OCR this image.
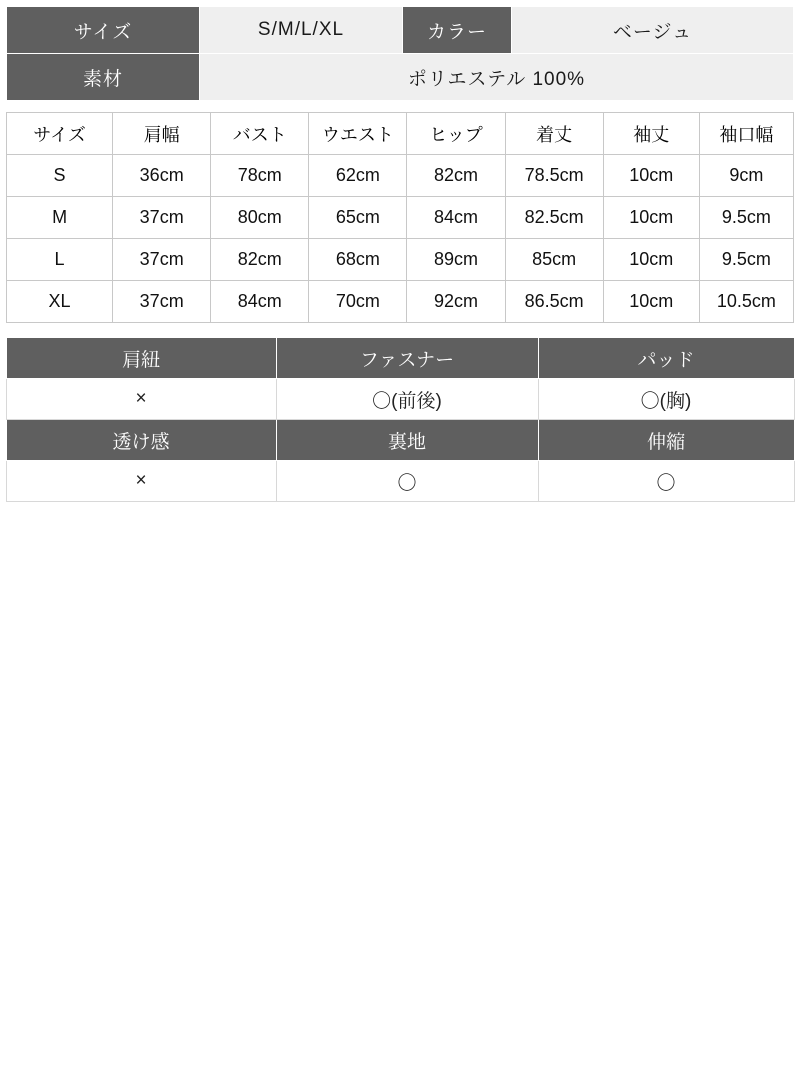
サイズ	S/M/L/XL	カラー	ベージュ
素材	ポリエステル 100%		
サイズ	肩幅	バスト	ウエスト	ヒップ	着丈	袖丈	袖口幅
S	36cm	78cm	62cm	82cm	78.5cm	10cm	9cm
M	37cm	80cm	65cm	84cm	82.5cm	10cm	9.5cm
L	37cm	82cm	68cm	89cm	85cm	10cm	9.5cm
XL	37cm	84cm	70cm	92cm	86.5cm	10cm	10.5cm
肩紐	ファスナー	パッド
×	〇(前後)	〇(胸)
透け感	裏地	伸縮
×	〇	〇
